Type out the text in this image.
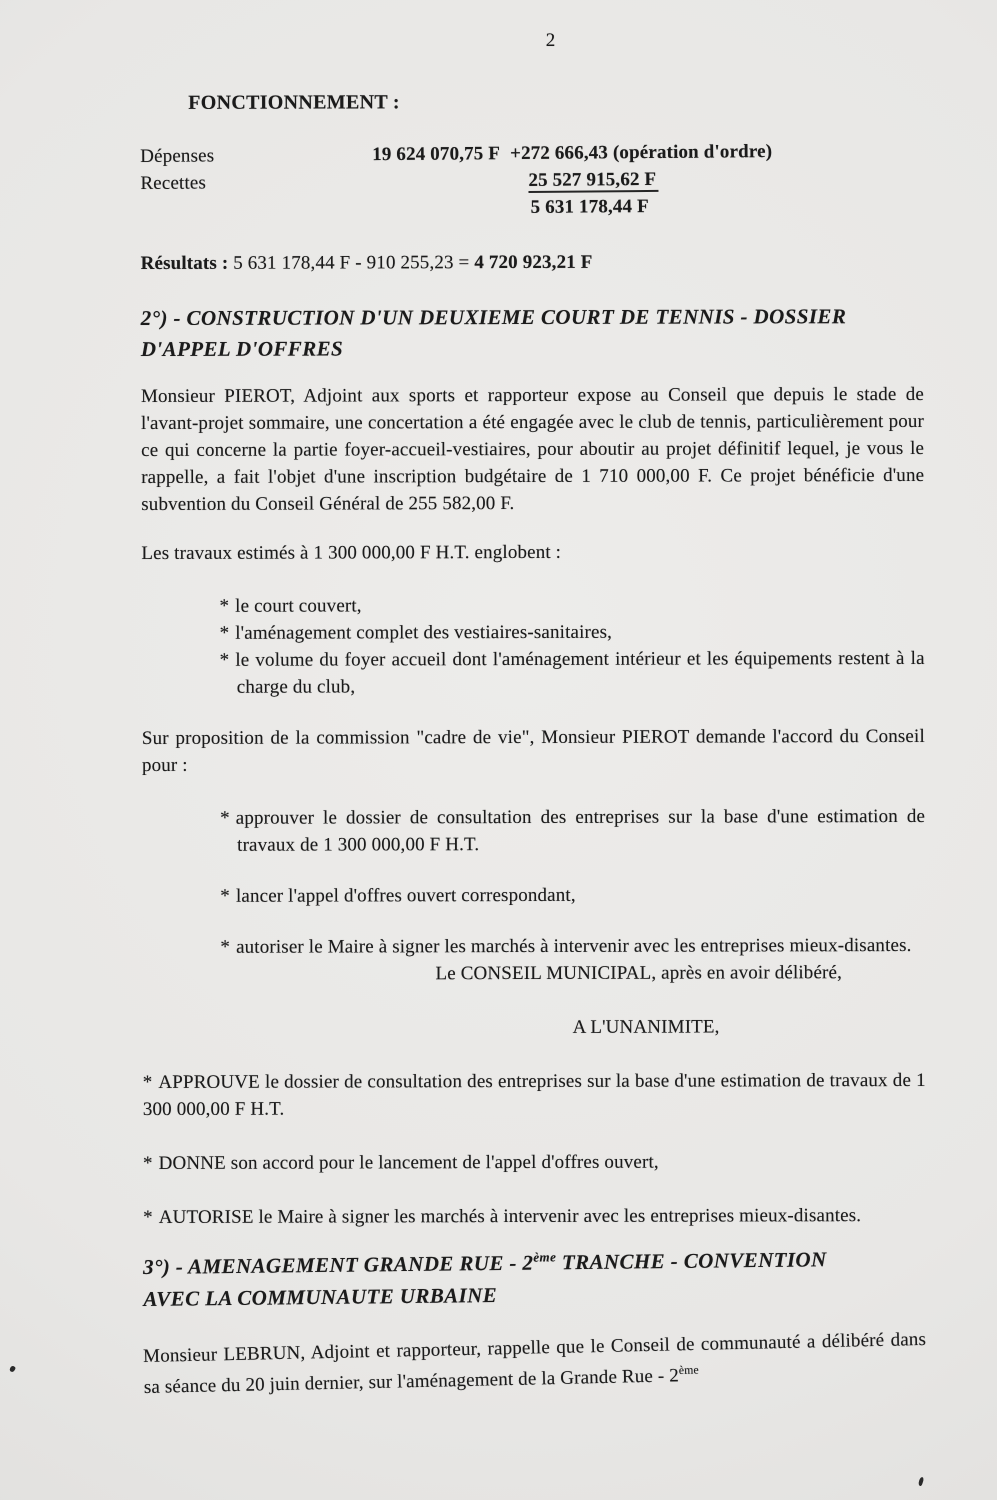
2
FONCTIONNEMENT :
Dépenses	19 624 070,75 F +272 666,43 (opération d'ordre)
Recettes	25 527 915,62 F
5 631 178,44 F
Résultats : 5 631 178,44 F - 910 255,23 = 4 720 923,21 F
2°) - CONSTRUCTION D'UN DEUXIEME COURT DE TENNIS - DOSSIER
D'APPEL D'OFFRES
Monsieur PIEROT, Adjoint aux sports et rapporteur expose au Conseil que depuis le stade de l'avant-projet sommaire, une concertation a été engagée avec le club de tennis, particulièrement pour ce qui concerne la partie foyer-accueil-vestiaires, pour aboutir au projet définitif lequel, je vous le rappelle, a fait l'objet d'une inscription budgétaire de 1 710 000,00 F. Ce projet bénéficie d'une subvention du Conseil Général de 255 582,00 F.
Les travaux estimés à 1 300 000,00 F H.T. englobent :
* le court couvert,
* l'aménagement complet des vestiaires-sanitaires,
* le volume du foyer accueil dont l'aménagement intérieur et les équipements restent à la charge du club,
Sur proposition de la commission "cadre de vie", Monsieur PIEROT demande l'accord du Conseil pour :
* approuver le dossier de consultation des entreprises sur la base d'une estimation de travaux de 1 300 000,00 F H.T.
* lancer l'appel d'offres ouvert correspondant,
* autoriser le Maire à signer les marchés à intervenir avec les entreprises mieux-disantes.
Le CONSEIL MUNICIPAL, après en avoir délibéré,
A L'UNANIMITE,
* APPROUVE le dossier de consultation des entreprises sur la base d'une estimation de travaux de 1 300 000,00 F H.T.
* DONNE son accord pour le lancement de l'appel d'offres ouvert,
* AUTORISE le Maire à signer les marchés à intervenir avec les entreprises mieux-disantes.
3°) - AMENAGEMENT GRANDE RUE - 2ème TRANCHE - CONVENTION
AVEC LA COMMUNAUTE URBAINE
Monsieur LEBRUN, Adjoint et rapporteur, rappelle que le Conseil de communauté a délibéré dans sa séance du 20 juin dernier, sur l'aménagement de la Grande Rue - 2ème
